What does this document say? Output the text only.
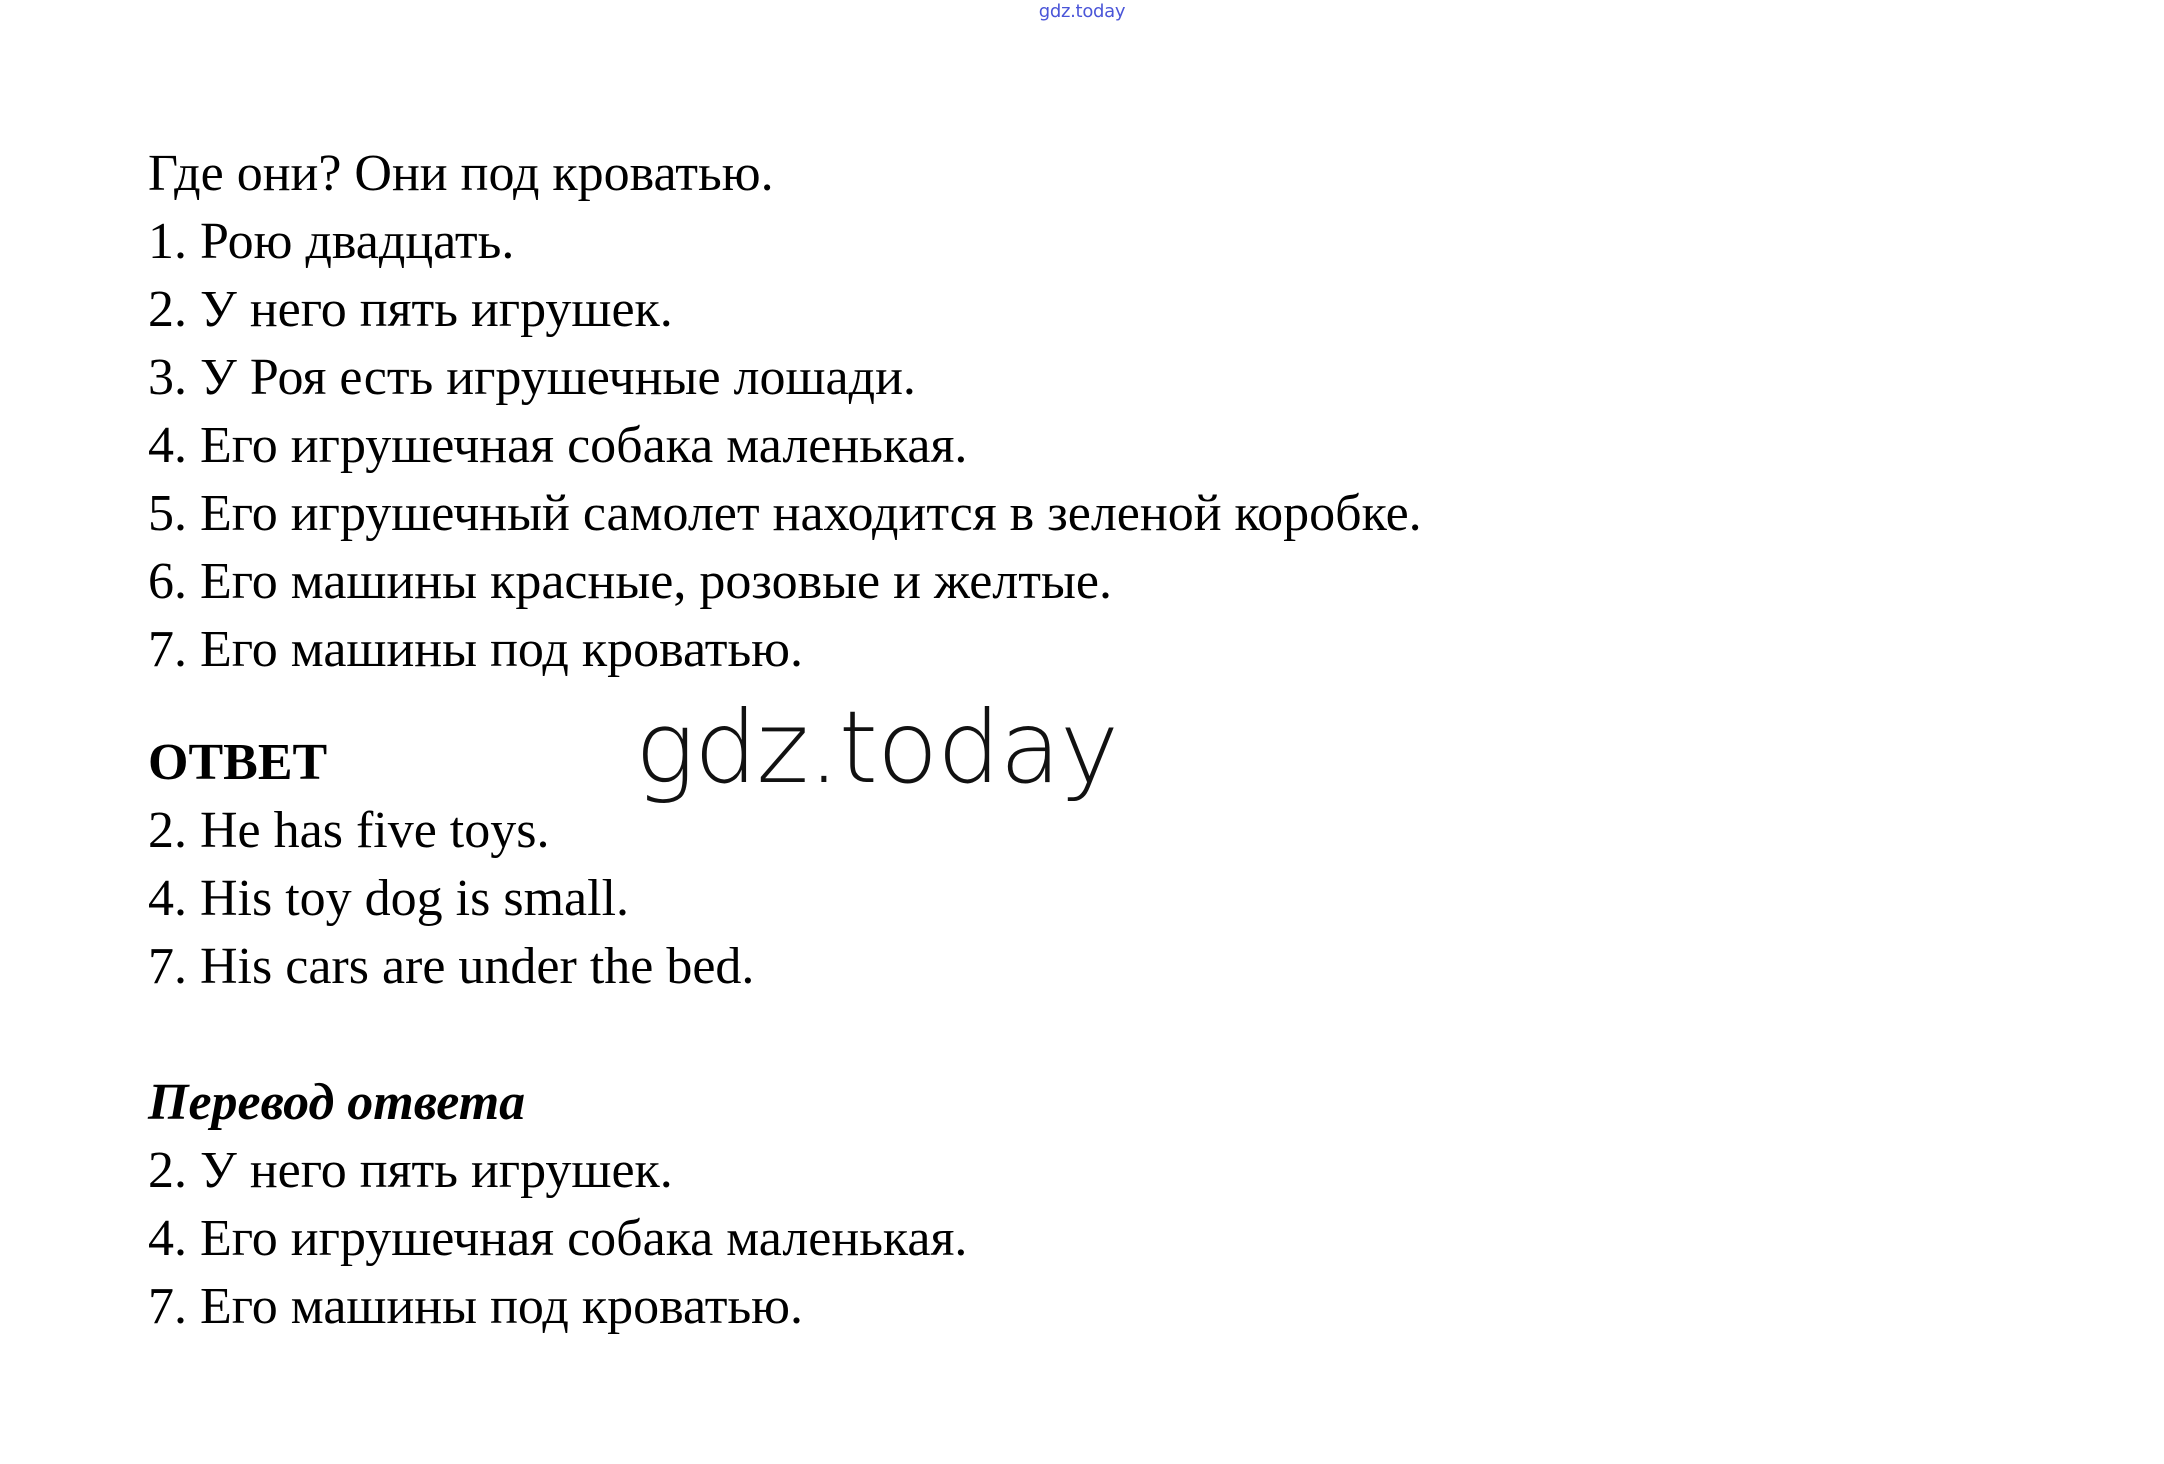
gdz.today
Где они? Они под кроватью.
1. Рою двадцать.
2. У него пять игрушек.
3. У Роя есть игрушечные лошади.
4. Его игрушечная собака маленькая.
5. Его игрушечный самолет находится в зеленой коробке.
6. Его машины красные, розовые и желтые.
7. Его машины под кроватью.
ОТВЕТ
2. He has five toys.
4. His toy dog is small.
7. His cars are under the bed.
Перевод ответа
2. У него пять игрушек.
4. Его игрушечная собака маленькая.
7. Его машины под кроватью.
gdz.today
